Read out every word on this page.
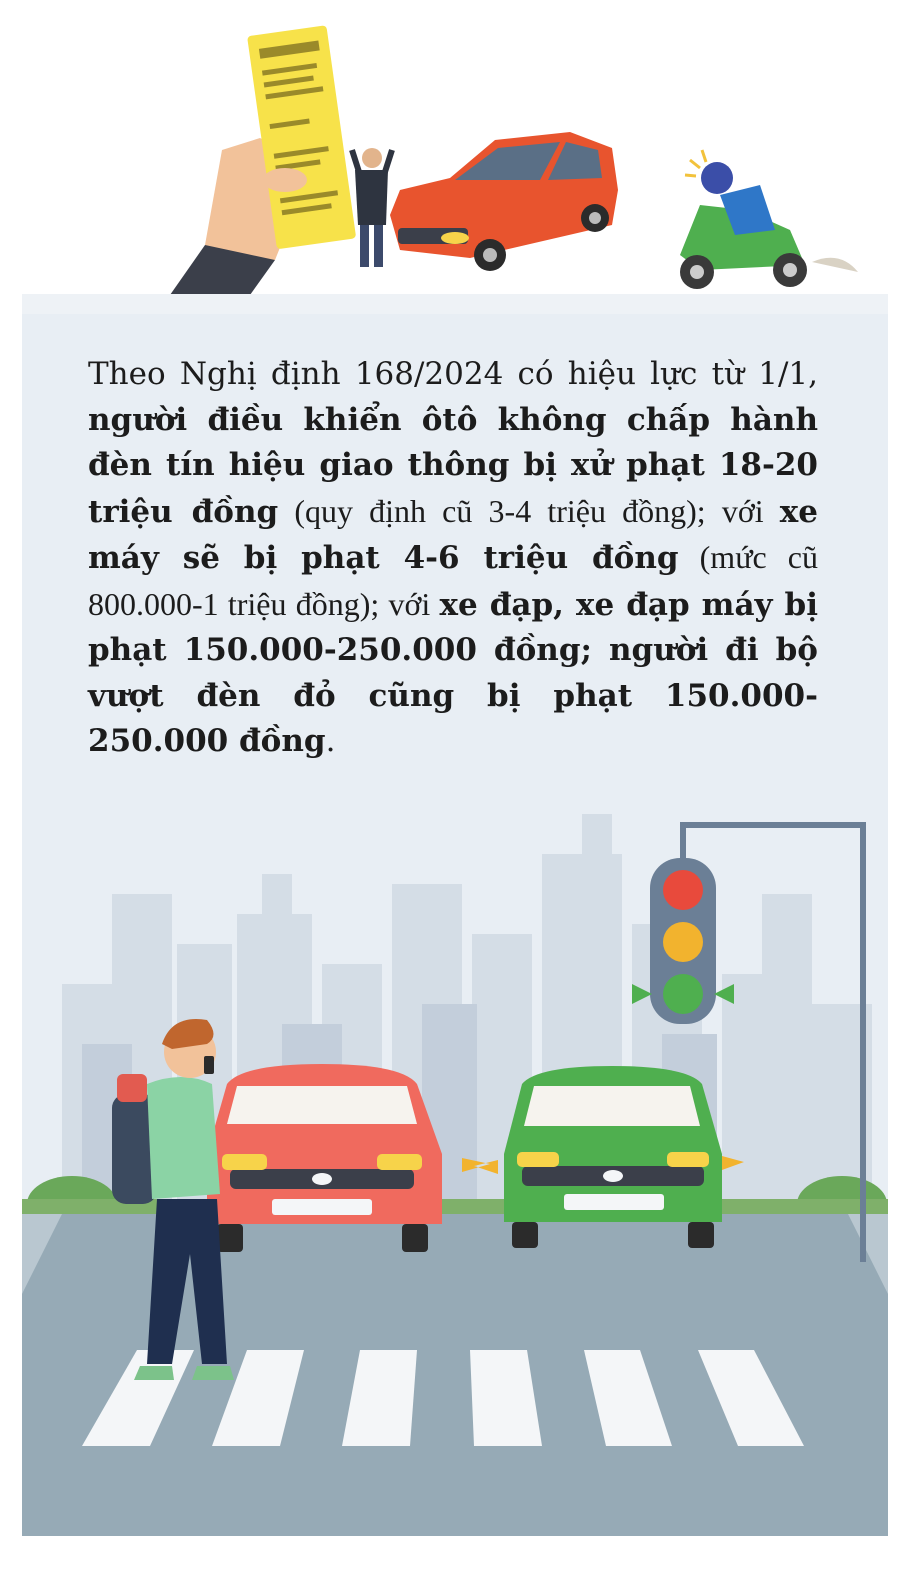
Theo Nghị định 168/2024 có hiệu lực từ 1/1, người điều khiển ôtô không chấp hành đèn tín hiệu giao thông bị xử phạt 18-20 triệu đồng (quy định cũ 3-4 triệu đồng); với xe máy sẽ bị phạt 4-6 triệu đồng (mức cũ 800.000-1 triệu đồng); với xe đạp, xe đạp máy bị phạt 150.000-250.000 đồng; người đi bộ vượt đèn đỏ cũng bị phạt 150.000-250.000 đồng.
